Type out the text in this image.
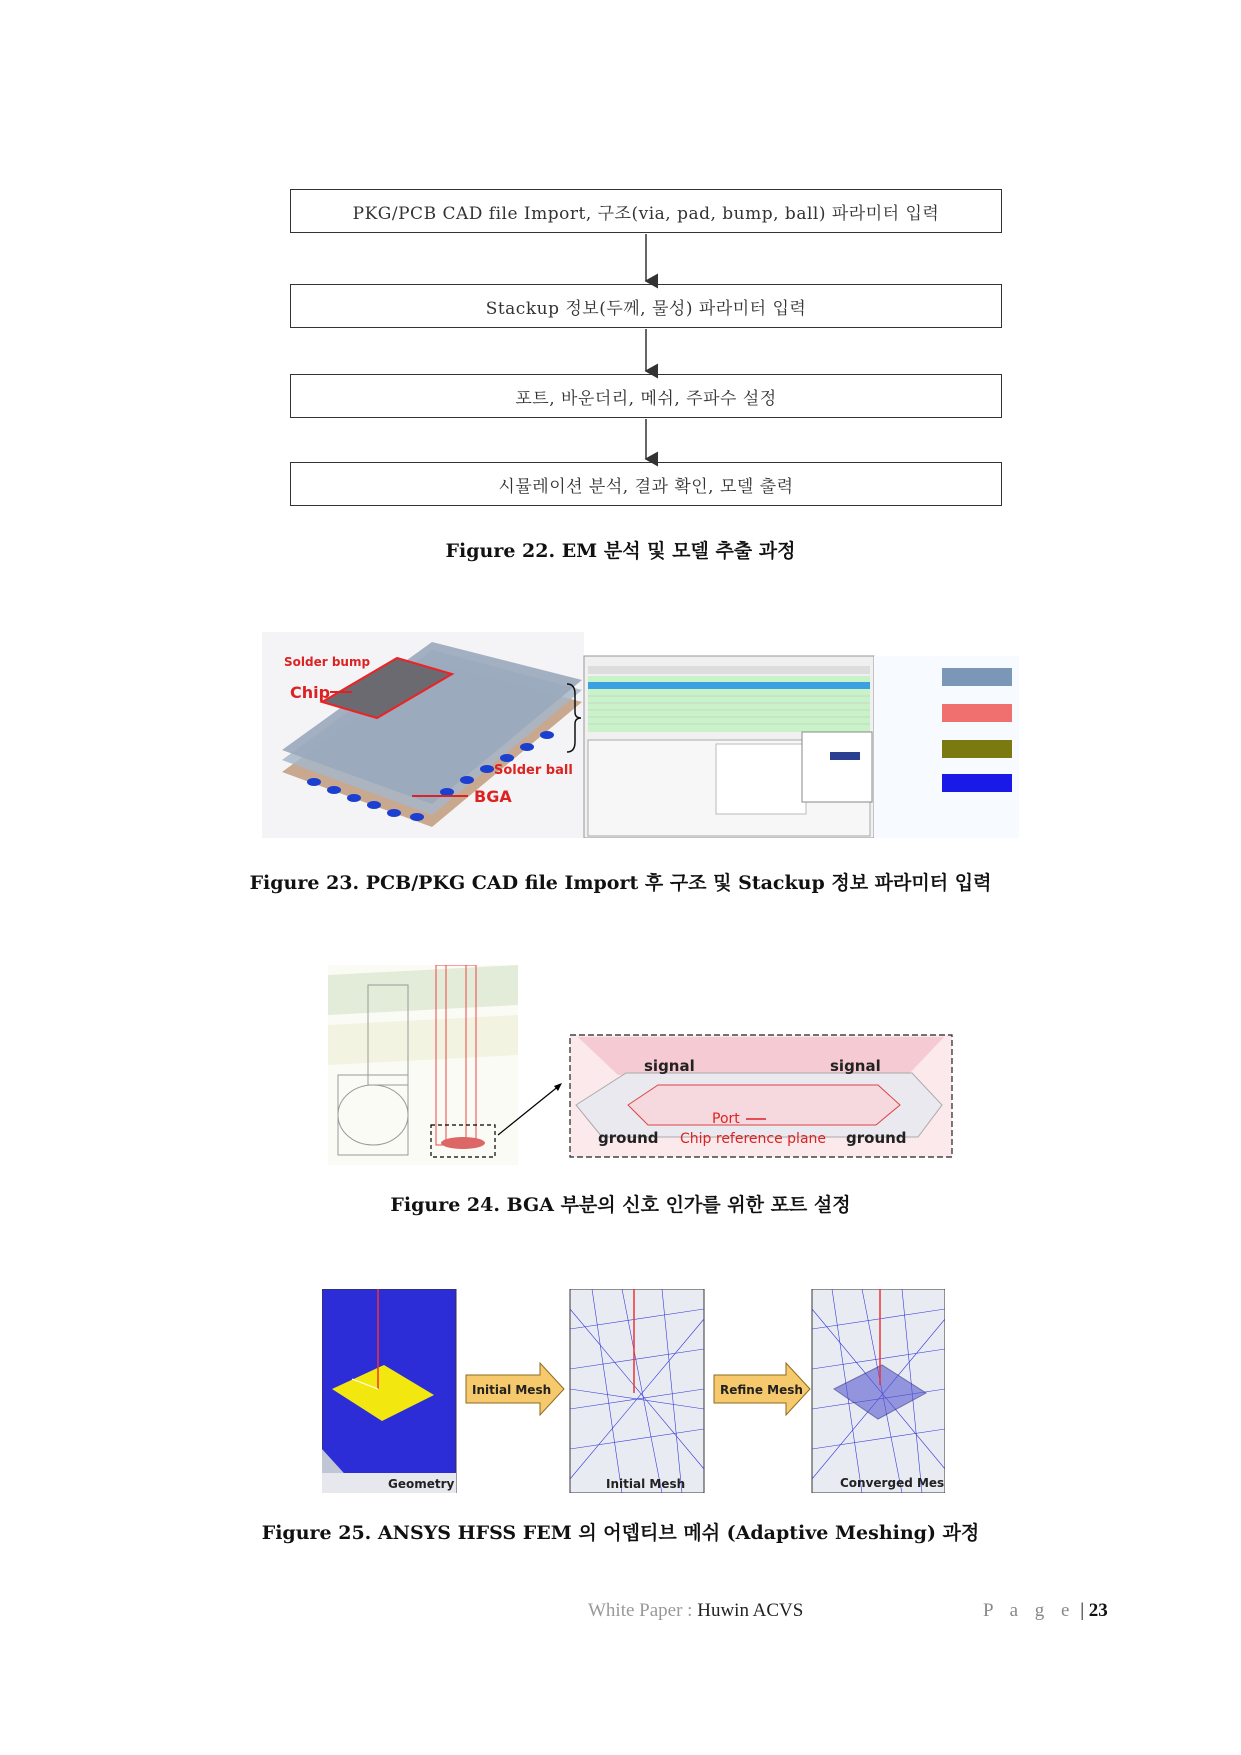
PKG/PCB CAD file Import, 구조(via, pad, bump, ball) 파라미터 입력
Stackup 정보(두께, 물성) 파라미터 입력
포트, 바운더리, 메쉬, 주파수 설정
시뮬레이션 분석, 결과 확인, 모델 출력
Figure 22. EM 분석 및 모델 추출 과정
Solder bump
Chip
Solder ball
BGA
Figure 23. PCB/PKG CAD file Import 후 구조 및 Stackup 정보 파라미터 입력
signal	signal
ground	ground
Port
Chip reference plane
Figure 24. BGA 부분의 신호 인가를 위한 포트 설정
Geometry
Initial Mesh
Initial Mesh
Refine Mesh
Converged Mesh
Figure 25. ANSYS HFSS FEM 의 어뎁티브 메쉬 (Adaptive Meshing) 과정
White Paper : Huwin ACVS	P a g e | 23
